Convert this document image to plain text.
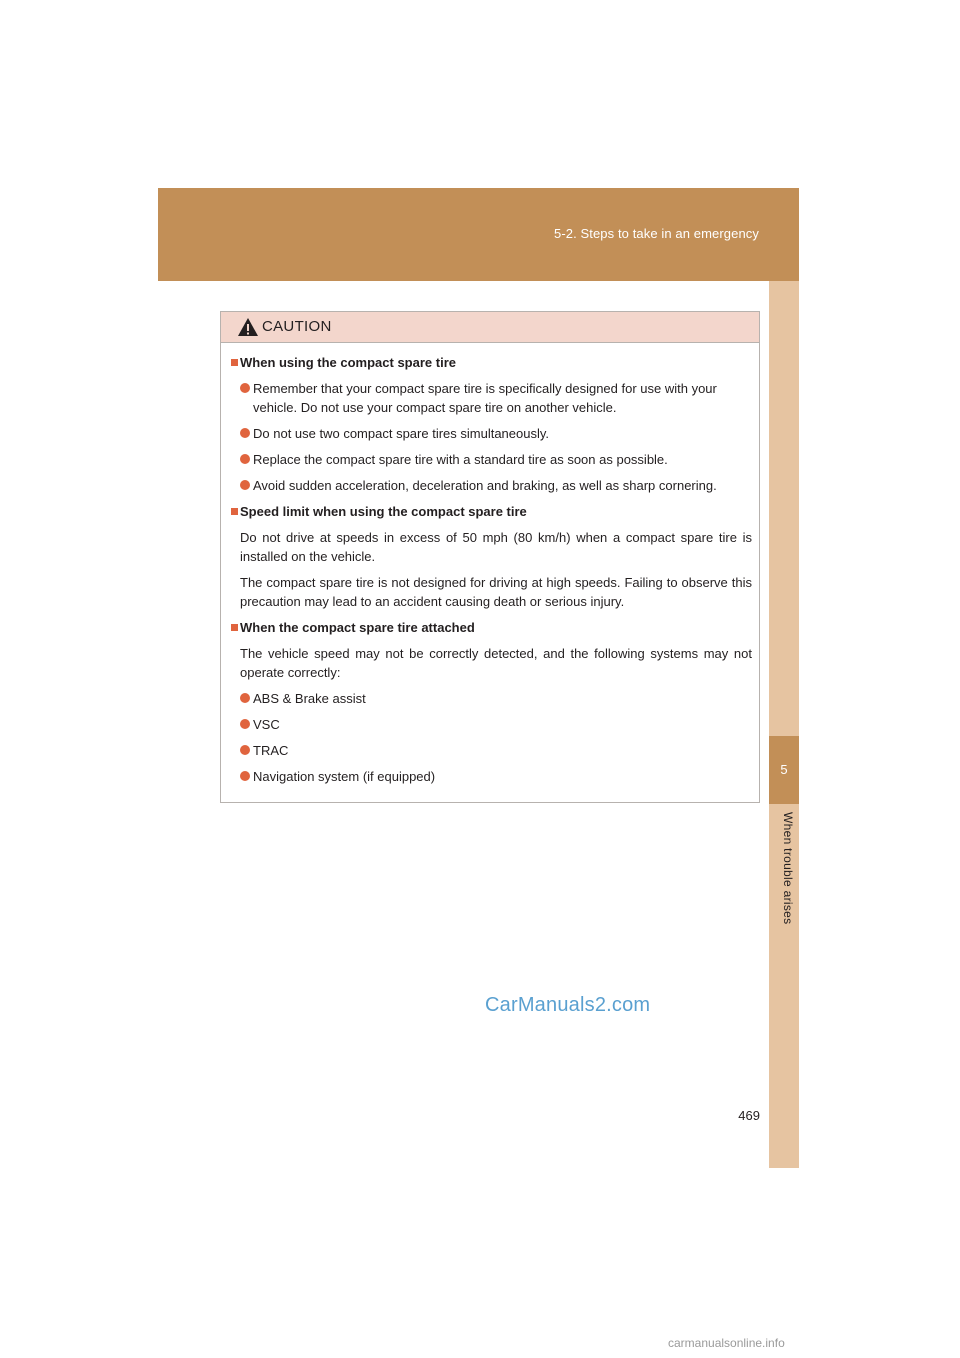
5-2. Steps to take in an emergency
5
When trouble arises
CAUTION
When using the compact spare tire
Remember that your compact spare tire is specifically designed for use with your vehicle. Do not use your compact spare tire on another vehicle.
Do not use two compact spare tires simultaneously.
Replace the compact spare tire with a standard tire as soon as possible.
Avoid sudden acceleration, deceleration and braking, as well as sharp cornering.
Speed limit when using the compact spare tire
Do not drive at speeds in excess of 50 mph (80 km/h) when a compact spare tire is installed on the vehicle.
The compact spare tire is not designed for driving at high speeds. Failing to observe this precaution may lead to an accident causing death or serious injury.
When the compact spare tire attached
The vehicle speed may not be correctly detected, and the following systems may not operate correctly:
ABS & Brake assist
VSC
TRAC
Navigation system (if equipped)
CarManuals2.com
469
carmanualsonline.info
